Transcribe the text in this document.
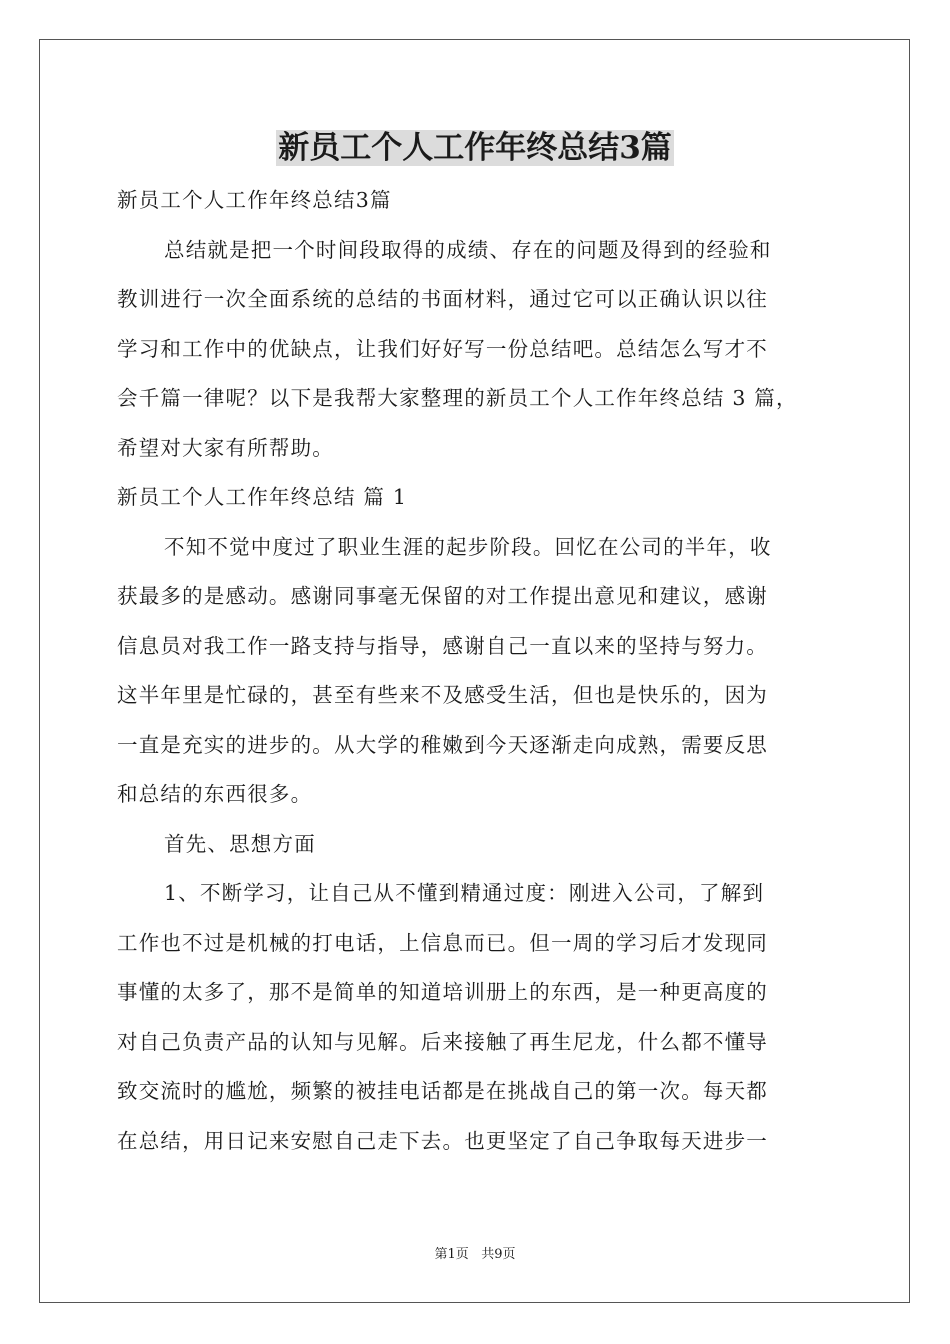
新员工个人工作年终总结3篇
新员工个人工作年终总结3篇
总结就是把一个时间段取得的成绩、存在的问题及得到的经验和
教训进行一次全面系统的总结的书面材料，通过它可以正确认识以往
学习和工作中的优缺点，让我们好好写一份总结吧。总结怎么写才不
会千篇一律呢？以下是我帮大家整理的新员工个人工作年终总结 3 篇，
希望对大家有所帮助。
新员工个人工作年终总结 篇 1
不知不觉中度过了职业生涯的起步阶段。回忆在公司的半年，收
获最多的是感动。感谢同事毫无保留的对工作提出意见和建议，感谢
信息员对我工作一路支持与指导，感谢自己一直以来的坚持与努力。
这半年里是忙碌的，甚至有些来不及感受生活，但也是快乐的，因为
一直是充实的进步的。从大学的稚嫩到今天逐渐走向成熟，需要反思
和总结的东西很多。
首先、思想方面
1、不断学习，让自己从不懂到精通过度：刚进入公司，了解到
工作也不过是机械的打电话，上信息而已。但一周的学习后才发现同
事懂的太多了，那不是简单的知道培训册上的东西，是一种更高度的
对自己负责产品的认知与见解。后来接触了再生尼龙，什么都不懂导
致交流时的尴尬，频繁的被挂电话都是在挑战自己的第一次。每天都
在总结，用日记来安慰自己走下去。也更坚定了自己争取每天进步一
第1页 共9页
